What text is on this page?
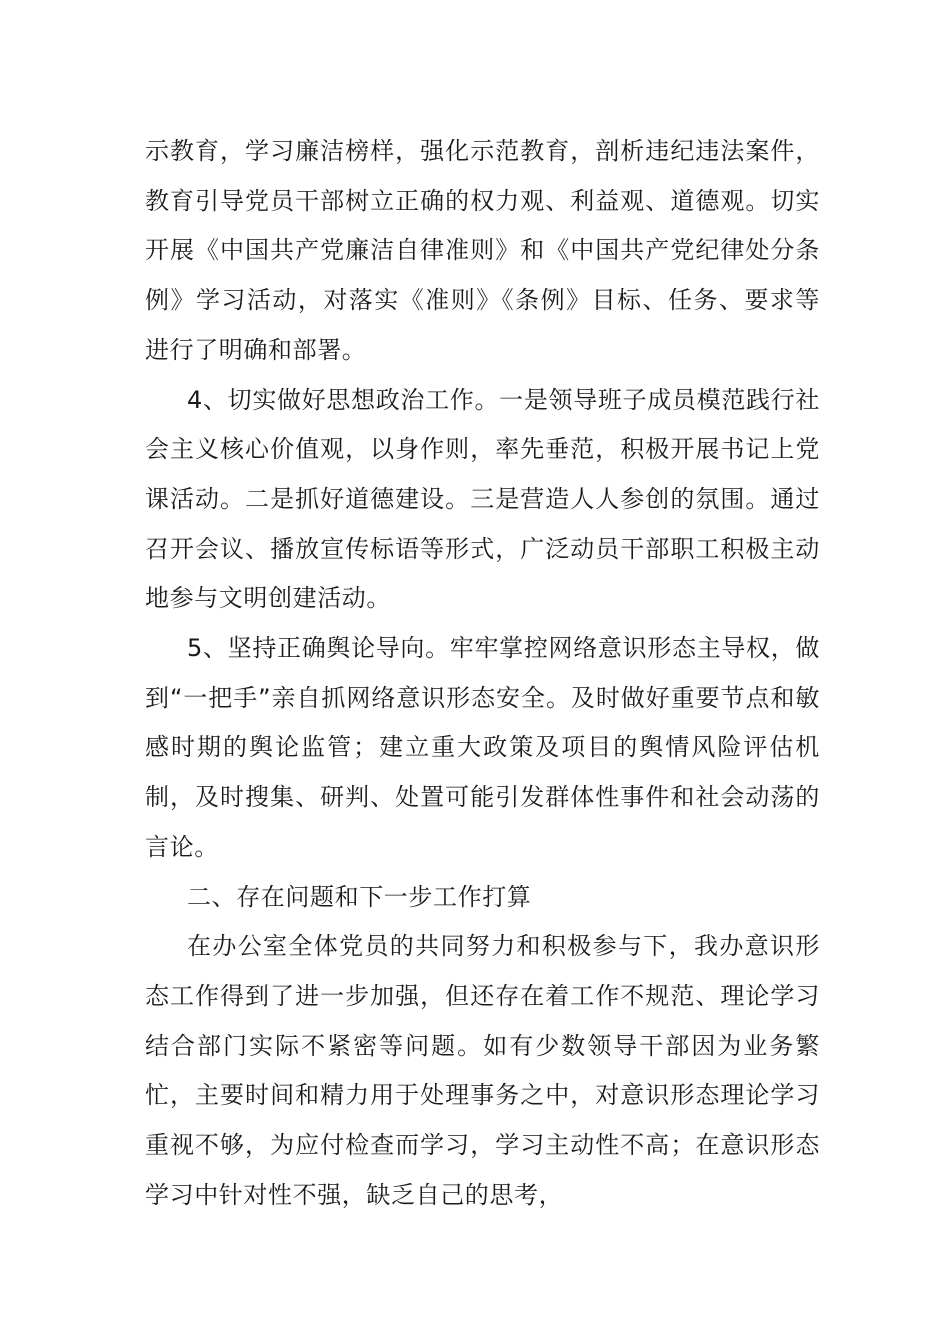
示教育，学习廉洁榜样，强化示范教育，剖析违纪违法案件，教育引导党员干部树立正确的权力观、利益观、道德观。切实开展《中国共产党廉洁自律准则》和《中国共产党纪律处分条例》学习活动，对落实《准则》《条例》目标、任务、要求等进行了明确和部署。

4、切实做好思想政治工作。一是领导班子成员模范践行社会主义核心价值观，以身作则，率先垂范，积极开展书记上党课活动。二是抓好道德建设。三是营造人人参创的氛围。通过召开会议、播放宣传标语等形式，广泛动员干部职工积极主动地参与文明创建活动。

5、坚持正确舆论导向。牢牢掌控网络意识形态主导权，做到“一把手”亲自抓网络意识形态安全。及时做好重要节点和敏感时期的舆论监管；建立重大政策及项目的舆情风险评估机制，及时搜集、研判、处置可能引发群体性事件和社会动荡的言论。

二、存在问题和下一步工作打算

在办公室全体党员的共同努力和积极参与下，我办意识形态工作得到了进一步加强，但还存在着工作不规范、理论学习结合部门实际不紧密等问题。如有少数领导干部因为业务繁忙，主要时间和精力用于处理事务之中，对意识形态理论学习重视不够，为应付检查而学习，学习主动性不高；在意识形态学习中针对性不强，缺乏自己的思考，
